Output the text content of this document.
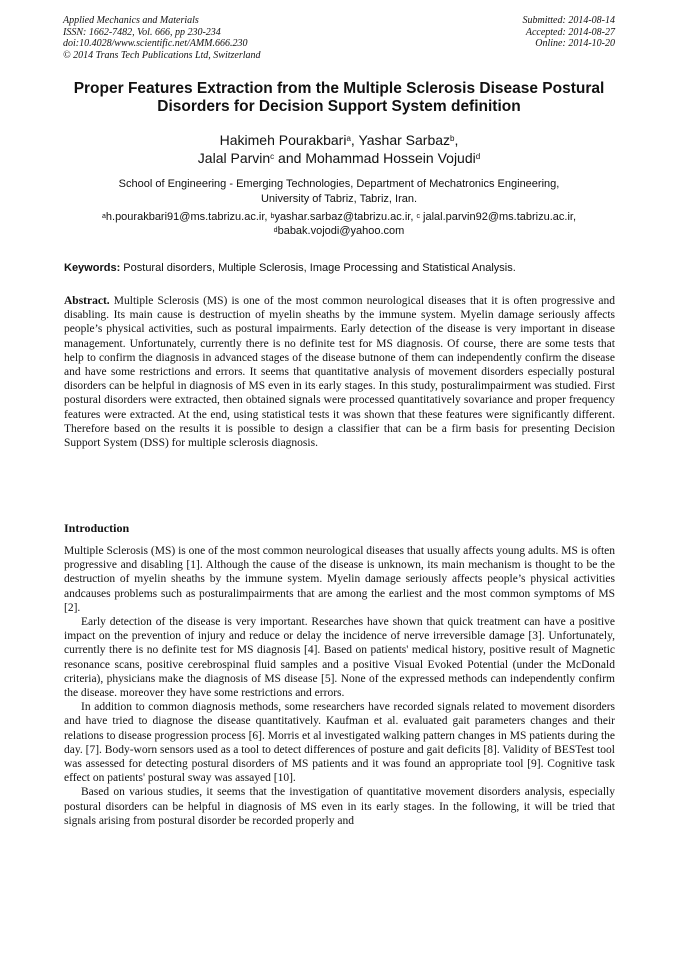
Applied Mechanics and Materials
ISSN: 1662-7482, Vol. 666, pp 230-234
doi:10.4028/www.scientific.net/AMM.666.230
© 2014 Trans Tech Publications Ltd, Switzerland
Submitted: 2014-08-14
Accepted: 2014-08-27
Online: 2014-10-20
Proper Features Extraction from the Multiple Sclerosis Disease Postural
Disorders for Decision Support System definition
Hakimeh Pourakbari$^a$, Yashar Sarbaz$^b$,
Jalal Parvin$^c$ and Mohammad Hossein Vojudi$^d$
School of Engineering - Emerging Technologies, Department of Mechatronics Engineering,
University of Tabriz, Tabriz, Iran.
$^a$h.pourakbari91@ms.tabrizu.ac.ir, $^b$yashar.sarbaz@tabrizu.ac.ir, $^c$ jalal.parvin92@ms.tabrizu.ac.ir,
$^d$babak.vojodi@yahoo.com
Keywords: Postural disorders, Multiple Sclerosis, Image Processing and Statistical Analysis.
Abstract. Multiple Sclerosis (MS) is one of the most common neurological diseases that it is often progressive and disabling. Its main cause is destruction of myelin sheaths by the immune system. Myelin damage seriously affects people’s physical activities, such as postural impairments. Early detection of the disease is very important in disease management. Unfortunately, currently there is no definite test for MS diagnosis. Of course, there are some tests that help to confirm the diagnosis in advanced stages of the disease butnone of them can independently confirm the disease and have some restrictions and errors. It seems that quantitative analysis of movement disorders especially postural disorders can be helpful in diagnosis of MS even in its early stages. In this study, posturalimpairment was studied. First postural disorders were extracted, then obtained signals were processed quantitatively sovariance and proper frequency features were extracted. At the end, using statistical tests it was shown that these features were significantly different. Therefore based on the results it is possible to design a classifier that can be a firm basis for presenting Decision Support System (DSS) for multiple sclerosis diagnosis.
Introduction

Multiple Sclerosis (MS) is one of the most common neurological diseases that usually affects young adults. MS is often progressive and disabling [1]. Although the cause of the disease is unknown, its main mechanism is thought to be the destruction of myelin sheaths by the immune system. Myelin damage seriously affects people’s physical activities andcauses problems such as posturalimpairments that are among the earliest and the most common symptoms of MS [2].

Early detection of the disease is very important. Researches have shown that quick treatment can have a positive impact on the prevention of injury and reduce or delay the incidence of nerve irreversible damage [3]. Unfortunately, currently there is no definite test for MS diagnosis [4]. Based on patients' medical history, positive result of Magnetic resonance scans, positive cerebrospinal fluid samples and a positive Visual Evoked Potential (under the McDonald criteria), physicians make the diagnosis of MS disease [5]. None of the expressed methods can independently confirm the disease. moreover they have some restrictions and errors.

In addition to common diagnosis methods, some researchers have recorded signals related to movement disorders and have tried to diagnose the disease quantitatively. Kaufman et al. evaluated gait parameters changes and their relations to disease progression process [6]. Morris et al investigated walking pattern changes in MS patients during the day. [7]. Body-worn sensors used as a tool to detect differences of posture and gait deficits [8]. Validity of BESTest tool was assessed for detecting postural disorders of MS patients and it was found an appropriate tool [9]. Cognitive task effect on patients' postural sway was assayed [10].

Based on various studies, it seems that the investigation of quantitative movement disorders analysis, especially postural disorders can be helpful in diagnosis of MS even in its early stages. In the following, it will be tried that signals arising from postural disorder be recorded properly and
